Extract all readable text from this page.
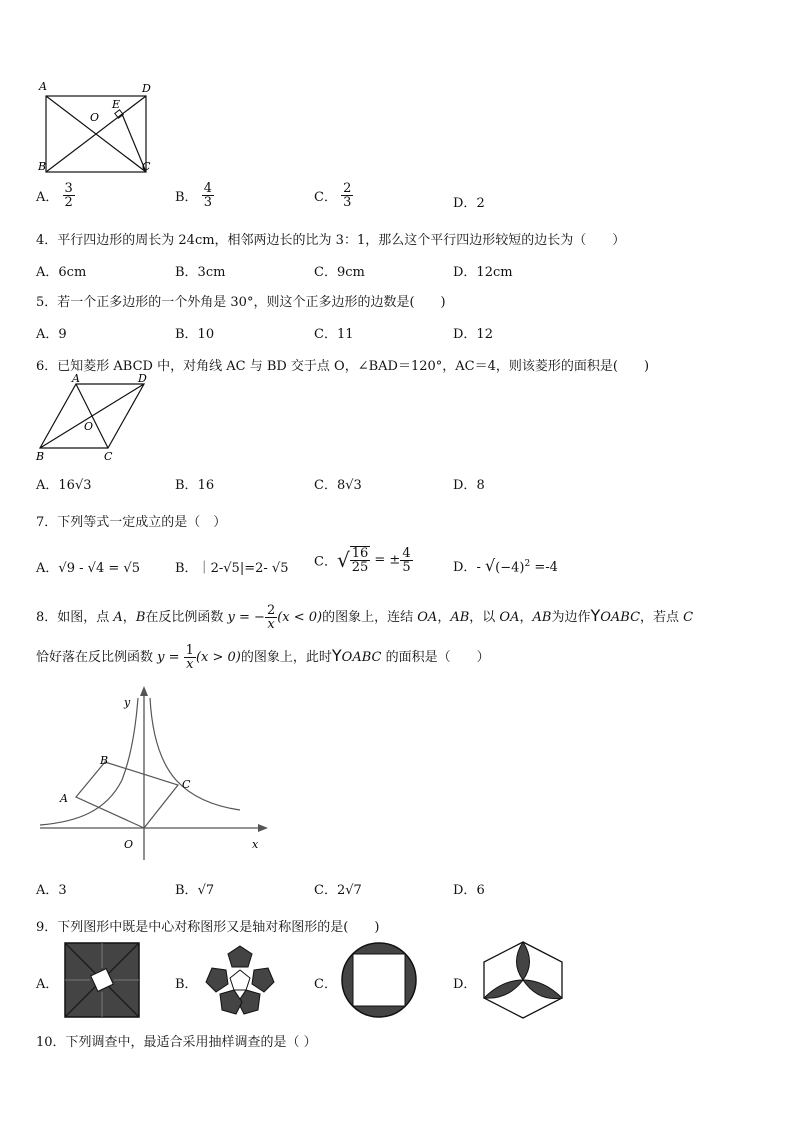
A	D
B	C
O
E
A． $\frac{3}{2}$	B． $\frac{4}{3}$	C． $\frac{2}{3}$	D．2
4．平行四边形的周长为 24cm，相邻两边长的比为 3：1，那么这个平行四边形较短的边长为（　　）
A．6cm	B．3cm	C．9cm	D．12cm
5．若一个正多边形的一个外角是 30°，则这个正多边形的边数是(　　)
A．9	B．10	C．11	D．12
6．已知菱形 ABCD 中，对角线 AC 与 BD 交于点 O，∠BAD＝120°，AC＝4，则该菱形的面积是(　　)
A	D
B	C
O
A．16√3	B．16	C．8√3	D．8
7．下列等式一定成立的是（　）
A．√9 - √4 = √5	B．｜2-√5|=2- √5 C．√ $\frac{16}{25}$ = ± $\frac{4}{5}$	D．- $√(-4)^2 =-4$
8．如图，点 A，B在反比例函数 y = − $\frac{2}{x} (x < 0)$的图象上，连结 OA，AB，以 OA，AB为边作YOABC，若点 C
恰好落在反比例函数 $y = \frac{1}{x} (x > 0)$的图象上，此时YOABC 的面积是（　　）
y
x
O
A
B
C
A．3	B．√7	C．2√7	D．6
9．下列图形中既是中心对称图形又是轴对称图形的是(　　)
A．	B．	C．	D．
10．下列调查中，最适合采用抽样调查的是（ ）
